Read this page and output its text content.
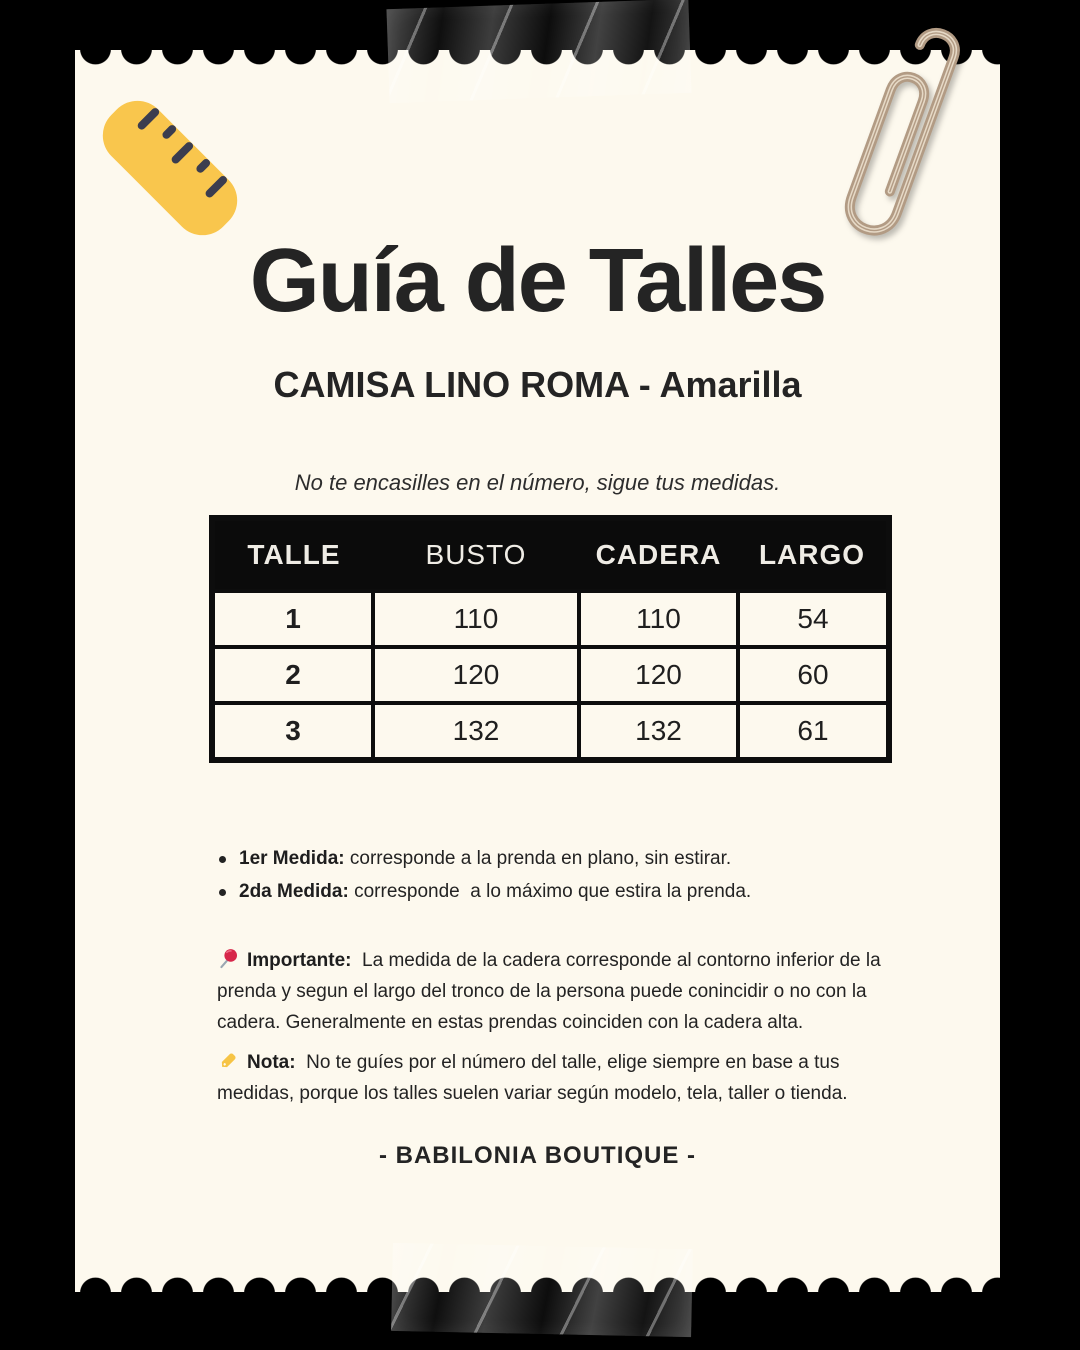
Guía de Talles
CAMISA LINO ROMA - Amarilla
No te encasilles en el número, sigue tus medidas.
TALLE	BUSTO	CADERA	LARGO
1	110	110	54
2	120	120	60
3	132	132	61
1er Medida: corresponde a la prenda en plano, sin estirar.
2da Medida: corresponde  a lo máximo que estira la prenda.

Importante:  La medida de la cadera corresponde al contorno inferior de la prenda y segun el largo del tronco de la persona puede conincidir o no con la cadera. Generalmente en estas prendas coinciden con la cadera alta.

Nota:  No te guíes por el número del talle, elige siempre en base a tus medidas, porque los talles suelen variar según modelo, tela, taller o tienda.

- BABILONIA BOUTIQUE -
